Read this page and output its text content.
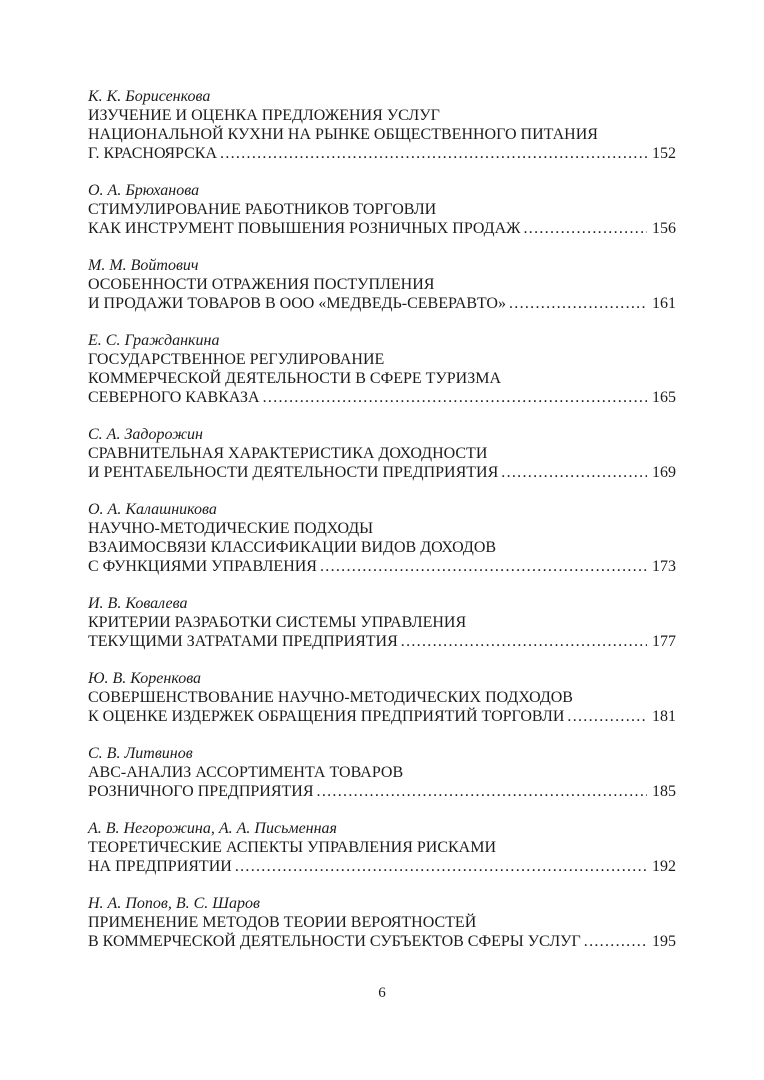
К. К. Борисенкова
ИЗУЧЕНИЕ И ОЦЕНКА ПРЕДЛОЖЕНИЯ УСЛУГ
НАЦИОНАЛЬНОЙ КУХНИ НА РЫНКЕ ОБЩЕСТВЕННОГО ПИТАНИЯ
Г. КРАСНОЯРСКА .....	152
О. А. Брюханова
СТИМУЛИРОВАНИЕ РАБОТНИКОВ ТОРГОВЛИ
КАК ИНСТРУМЕНТ ПОВЫШЕНИЯ РОЗНИЧНЫХ ПРОДАЖ .....	156
М. М. Войтович
ОСОБЕННОСТИ ОТРАЖЕНИЯ ПОСТУПЛЕНИЯ
И ПРОДАЖИ ТОВАРОВ В ООО «МЕДВЕДЬ-СЕВЕРАВТО» .....	161
Е. С. Гражданкина
ГОСУДАРСТВЕННОЕ РЕГУЛИРОВАНИЕ
КОММЕРЧЕСКОЙ ДЕЯТЕЛЬНОСТИ В СФЕРЕ ТУРИЗМА
СЕВЕРНОГО КАВКАЗА .....	165
С. А. Задорожин
СРАВНИТЕЛЬНАЯ ХАРАКТЕРИСТИКА ДОХОДНОСТИ
И РЕНТАБЕЛЬНОСТИ ДЕЯТЕЛЬНОСТИ ПРЕДПРИЯТИЯ .....	169
О. А. Калашникова
НАУЧНО-МЕТОДИЧЕСКИЕ ПОДХОДЫ
ВЗАИМОСВЯЗИ КЛАССИФИКАЦИИ ВИДОВ ДОХОДОВ
С ФУНКЦИЯМИ УПРАВЛЕНИЯ .....	173
И. В. Ковалева
КРИТЕРИИ РАЗРАБОТКИ СИСТЕМЫ УПРАВЛЕНИЯ
ТЕКУЩИМИ ЗАТРАТАМИ ПРЕДПРИЯТИЯ .....	177
Ю. В. Коренкова
СОВЕРШЕНСТВОВАНИЕ НАУЧНО-МЕТОДИЧЕСКИХ ПОДХОДОВ
К ОЦЕНКЕ ИЗДЕРЖЕК ОБРАЩЕНИЯ ПРЕДПРИЯТИЙ ТОРГОВЛИ .....	181
С. В. Литвинов
АВС-АНАЛИЗ АССОРТИМЕНТА ТОВАРОВ
РОЗНИЧНОГО ПРЕДПРИЯТИЯ .....	185
А. В. Негорожина, А. А. Письменная
ТЕОРЕТИЧЕСКИЕ АСПЕКТЫ УПРАВЛЕНИЯ РИСКАМИ
НА ПРЕДПРИЯТИИ .....	192
Н. А. Попов, В. С. Шаров
ПРИМЕНЕНИЕ МЕТОДОВ ТЕОРИИ ВЕРОЯТНОСТЕЙ
В КОММЕРЧЕСКОЙ ДЕЯТЕЛЬНОСТИ СУБЪЕКТОВ СФЕРЫ УСЛУГ .....	195
6
